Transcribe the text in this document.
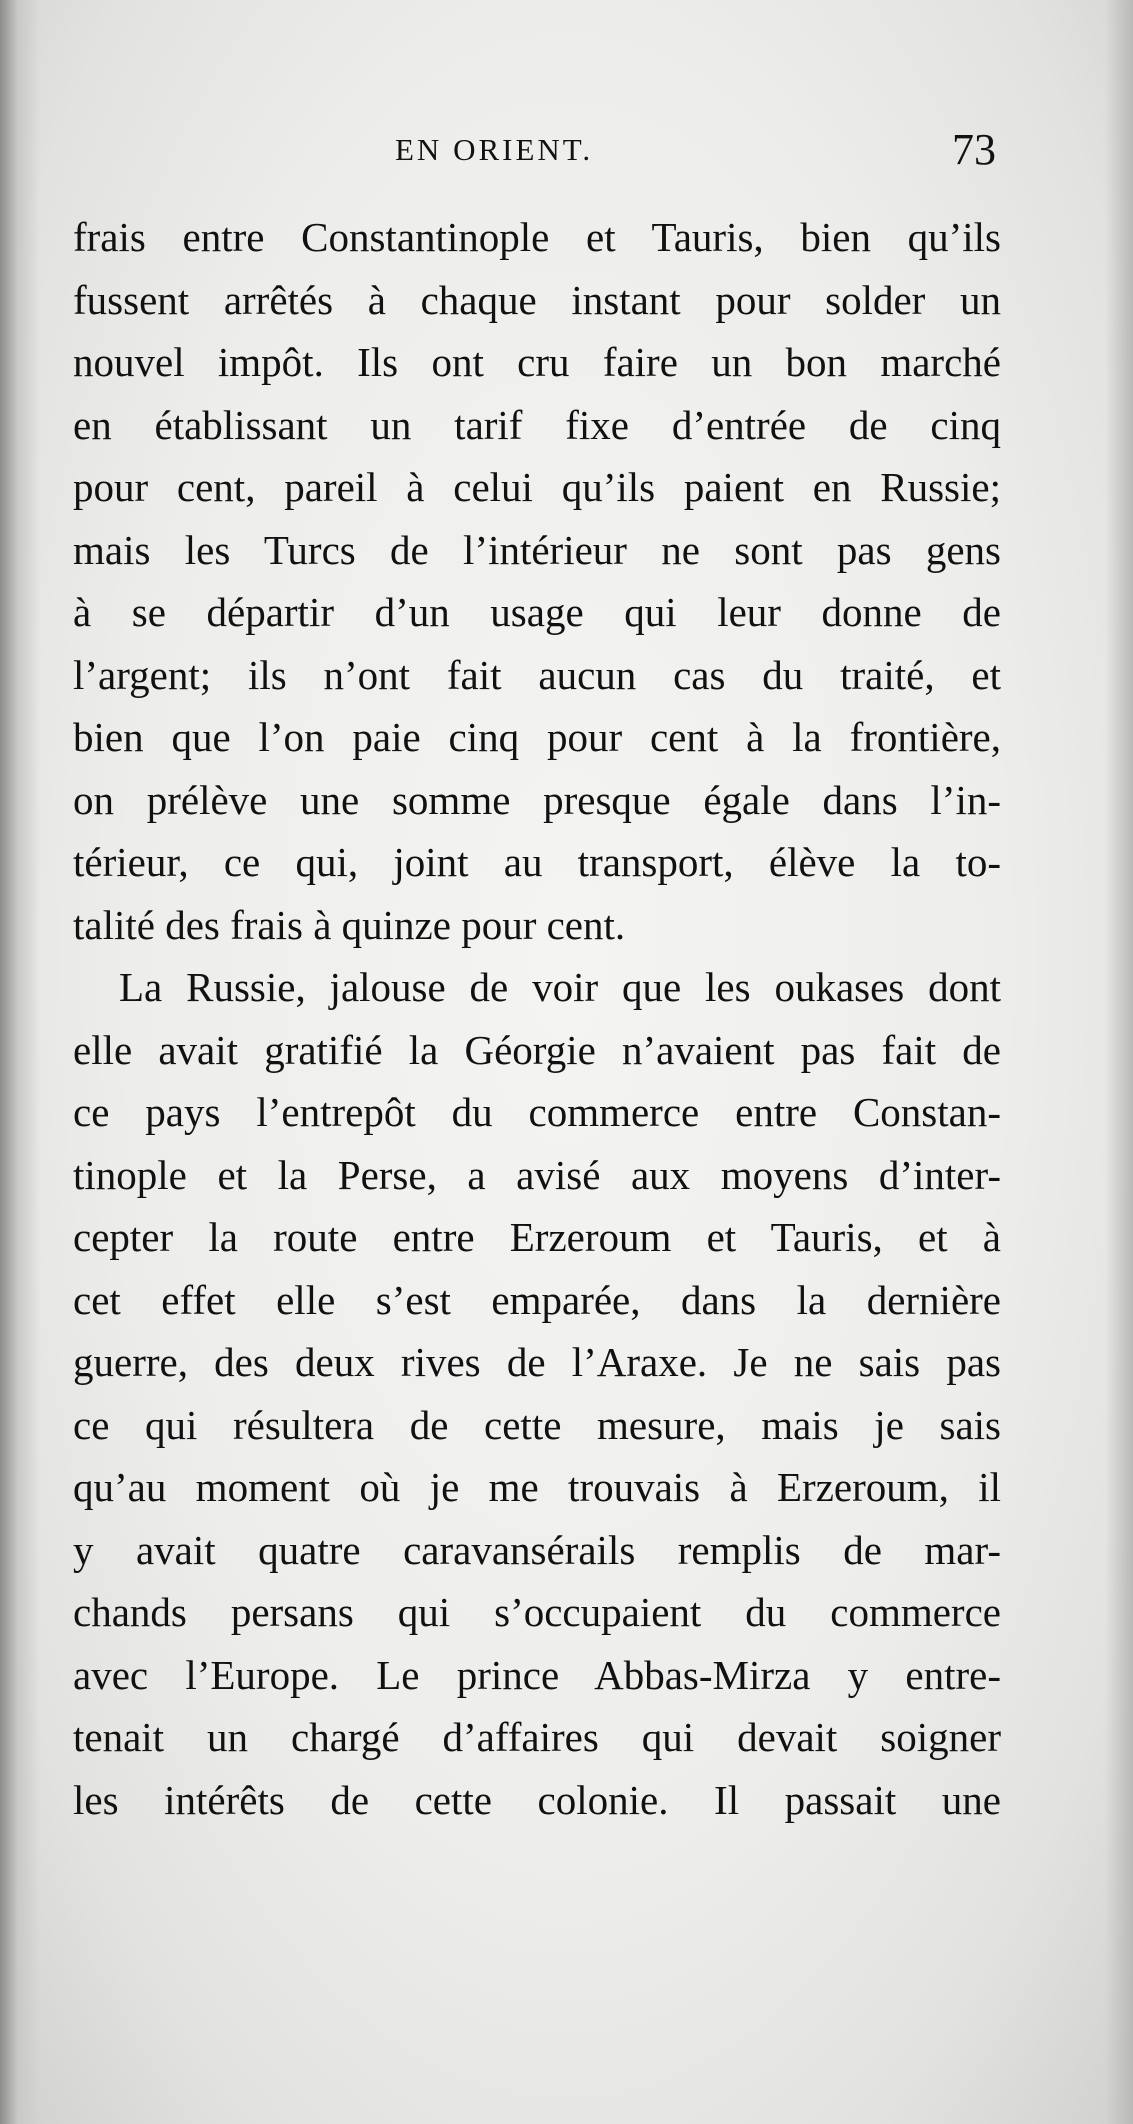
EN ORIENT.	73
frais entre Constantinople et Tauris, bien qu’ils
fussent arrêtés à chaque instant pour solder un
nouvel impôt. Ils ont cru faire un bon marché
en établissant un tarif fixe d’entrée de cinq
pour cent, pareil à celui qu’ils paient en Russie;
mais les Turcs de l’intérieur ne sont pas gens
à se départir d’un usage qui leur donne de
l’argent; ils n’ont fait aucun cas du traité, et
bien que l’on paie cinq pour cent à la frontière,
on prélève une somme presque égale dans l’in-
térieur, ce qui, joint au transport, élève la to-
talité des frais à quinze pour cent.
La Russie, jalouse de voir que les oukases dont
elle avait gratifié la Géorgie n’avaient pas fait de
ce pays l’entrepôt du commerce entre Constan-
tinople et la Perse, a avisé aux moyens d’inter-
cepter la route entre Erzeroum et Tauris, et à
cet effet elle s’est emparée, dans la dernière
guerre, des deux rives de l’Araxe. Je ne sais pas
ce qui résultera de cette mesure, mais je sais
qu’au moment où je me trouvais à Erzeroum, il
y avait quatre caravansérails remplis de mar-
chands persans qui s’occupaient du commerce
avec l’Europe. Le prince Abbas-Mirza y entre-
tenait un chargé d’affaires qui devait soigner
les intérêts de cette colonie. Il passait une
